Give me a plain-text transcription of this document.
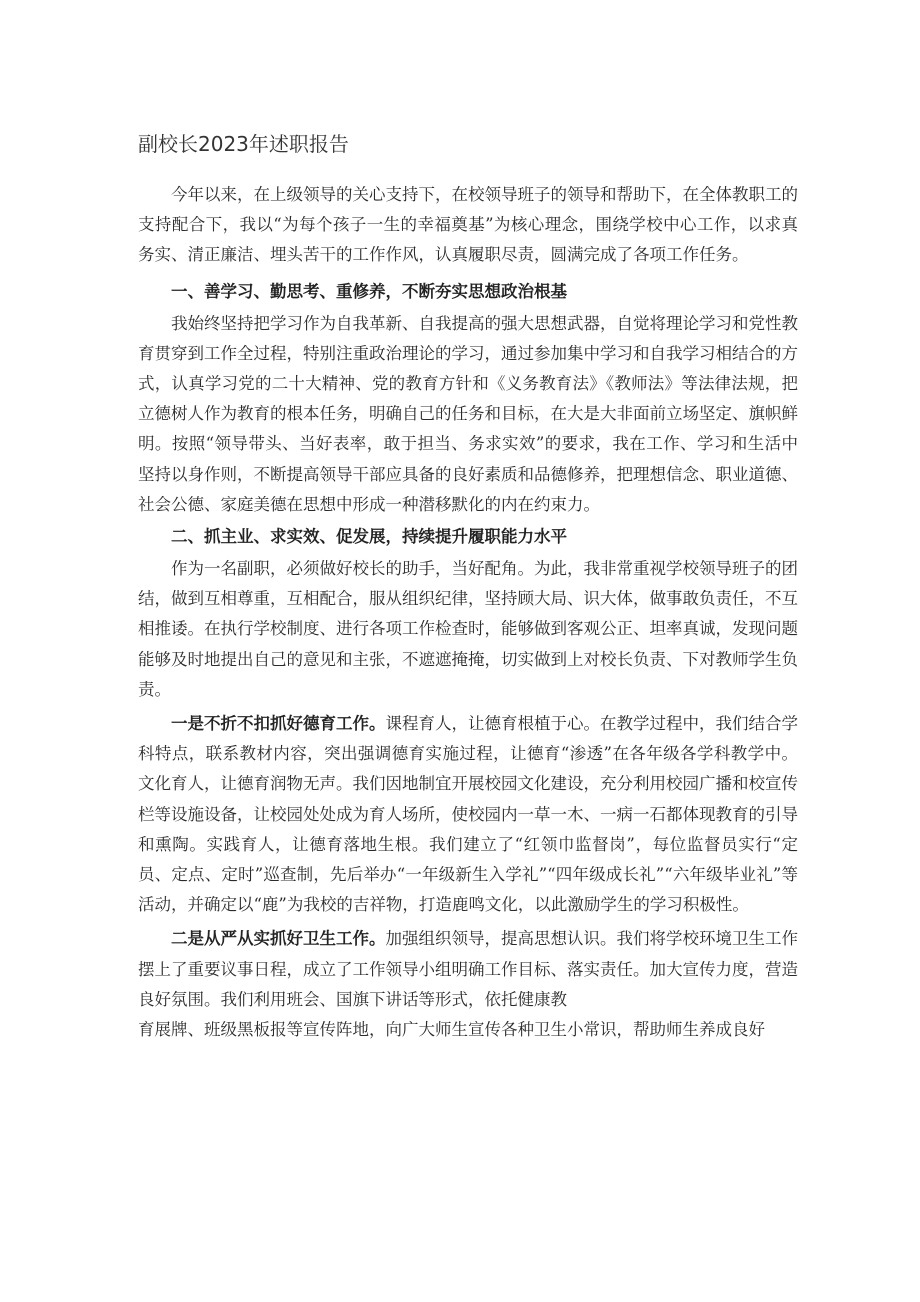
副校长2023年述职报告

今年以来，在上级领导的关心支持下，在校领导班子的领导和帮助下，在全体教职工的支持配合下，我以“为每个孩子一生的幸福奠基”为核心理念，围绕学校中心工作，以求真务实、清正廉洁、埋头苦干的工作作风，认真履职尽责，圆满完成了各项工作任务。

一、善学习、勤思考、重修养，不断夯实思想政治根基

我始终坚持把学习作为自我革新、自我提高的强大思想武器，自觉将理论学习和党性教育贯穿到工作全过程，特别注重政治理论的学习，通过参加集中学习和自我学习相结合的方式，认真学习党的二十大精神、党的教育方针和《义务教育法》《教师法》等法律法规，把立德树人作为教育的根本任务，明确自己的任务和目标，在大是大非面前立场坚定、旗帜鲜明。按照“领导带头、当好表率，敢于担当、务求实效”的要求，我在工作、学习和生活中坚持以身作则，不断提高领导干部应具备的良好素质和品德修养，把理想信念、职业道德、社会公德、家庭美德在思想中形成一种潜移默化的内在约束力。

二、抓主业、求实效、促发展，持续提升履职能力水平

作为一名副职，必须做好校长的助手，当好配角。为此，我非常重视学校领导班子的团结，做到互相尊重，互相配合，服从组织纪律，坚持顾大局、识大体，做事敢负责任，不互相推诿。在执行学校制度、进行各项工作检查时，能够做到客观公正、坦率真诚，发现问题能够及时地提出自己的意见和主张，不遮遮掩掩，切实做到上对校长负责、下对教师学生负责。

一是不折不扣抓好德育工作。课程育人，让德育根植于心。在教学过程中，我们结合学科特点，联系教材内容，突出强调德育实施过程，让德育“渗透”在各年级各学科教学中。文化育人，让德育润物无声。我们因地制宜开展校园文化建设，充分利用校园广播和校宣传栏等设施设备，让校园处处成为育人场所，使校园内一草一木、一病一石都体现教育的引导和熏陶。实践育人，让德育落地生根。我们建立了“红领巾监督岗”，每位监督员实行“定员、定点、定时”巡查制，先后举办“一年级新生入学礼”“四年级成长礼”“六年级毕业礼”等活动，并确定以“鹿”为我校的吉祥物，打造鹿鸣文化，以此激励学生的学习积极性。

二是从严从实抓好卫生工作。加强组织领导，提高思想认识。我们将学校环境卫生工作摆上了重要议事日程，成立了工作领导小组明确工作目标、落实责任。加大宣传力度，营造良好氛围。我们利用班会、国旗下讲话等形式，依托健康教

育展牌、班级黑板报等宣传阵地，向广大师生宣传各种卫生小常识，帮助师生养成良好
